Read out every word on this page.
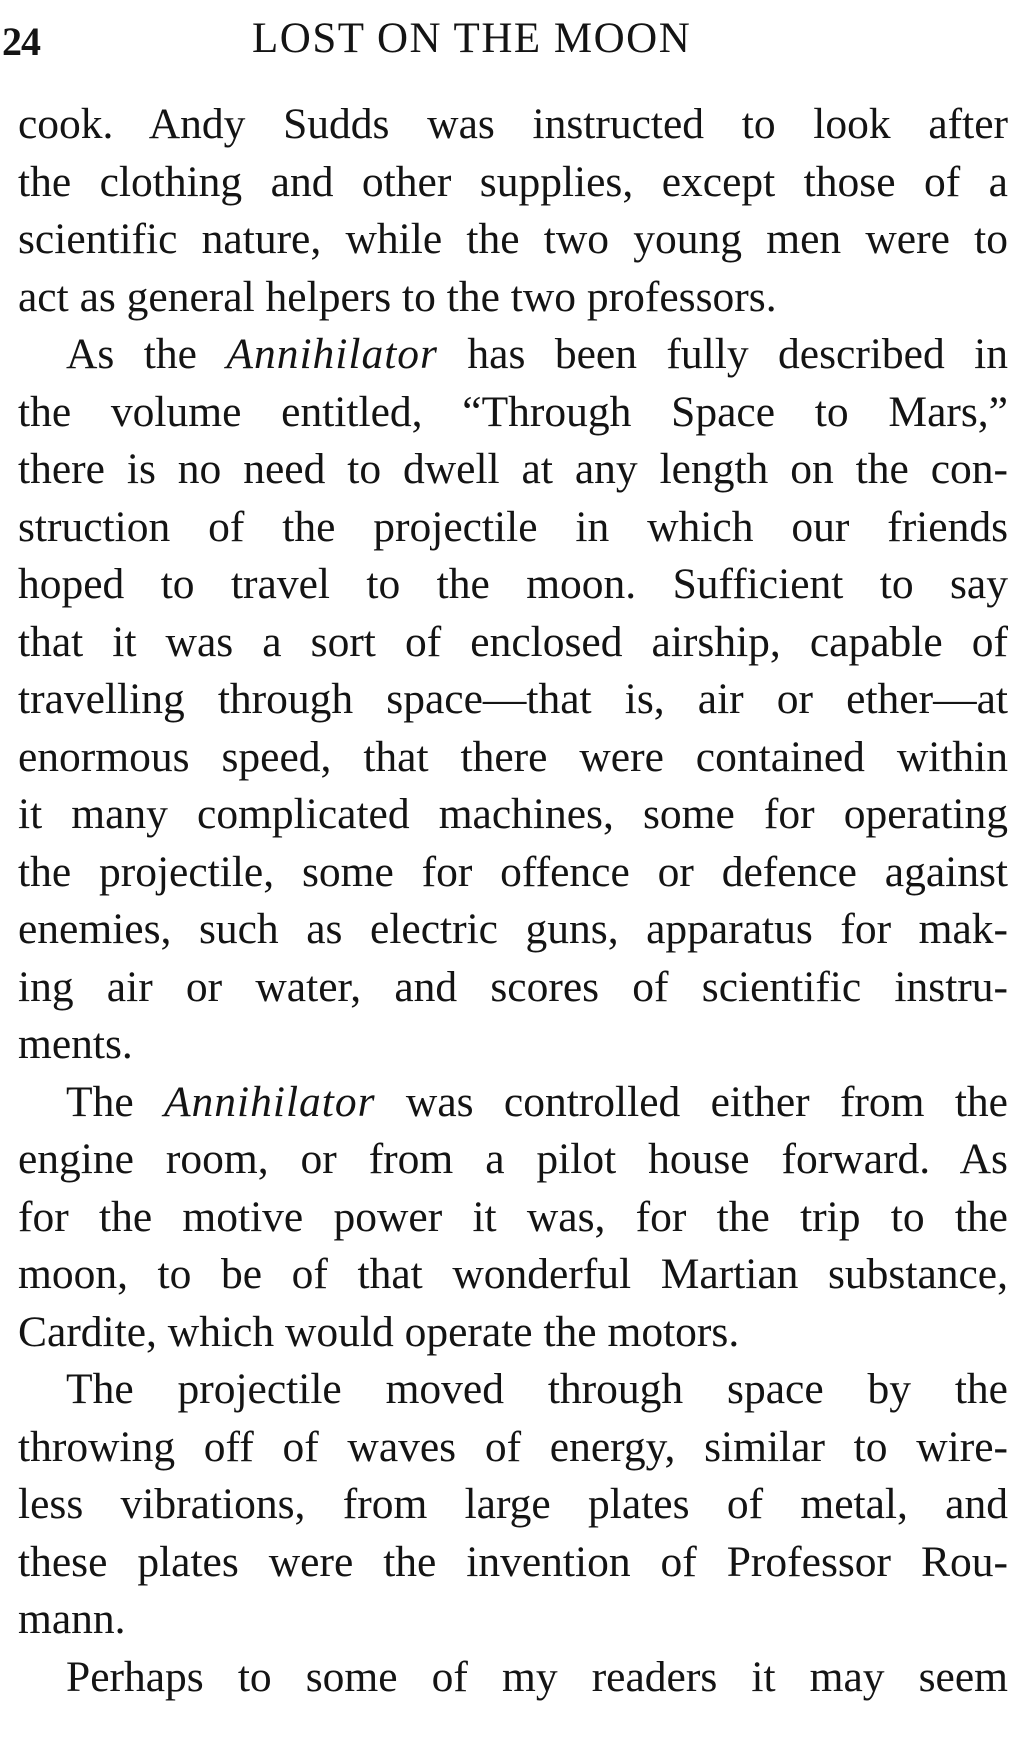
24	LOST ON THE MOON
cook. Andy Sudds was instructed to look after
the clothing and other supplies, except those of a
scientific nature, while the two young men were to
act as general helpers to the two professors.
As the Annihilator has been fully described in
the volume entitled, “Through Space to Mars,”
there is no need to dwell at any length on the con-
struction of the projectile in which our friends
hoped to travel to the moon. Sufficient to say
that it was a sort of enclosed airship, capable of
travelling through space—that is, air or ether—at
enormous speed, that there were contained within
it many complicated machines, some for operating
the projectile, some for offence or defence against
enemies, such as electric guns, apparatus for mak-
ing air or water, and scores of scientific instru-
ments.
The Annihilator was controlled either from the
engine room, or from a pilot house forward. As
for the motive power it was, for the trip to the
moon, to be of that wonderful Martian substance,
Cardite, which would operate the motors.
The projectile moved through space by the
throwing off of waves of energy, similar to wire-
less vibrations, from large plates of metal, and
these plates were the invention of Professor Rou-
mann.
Perhaps to some of my readers it may seem
